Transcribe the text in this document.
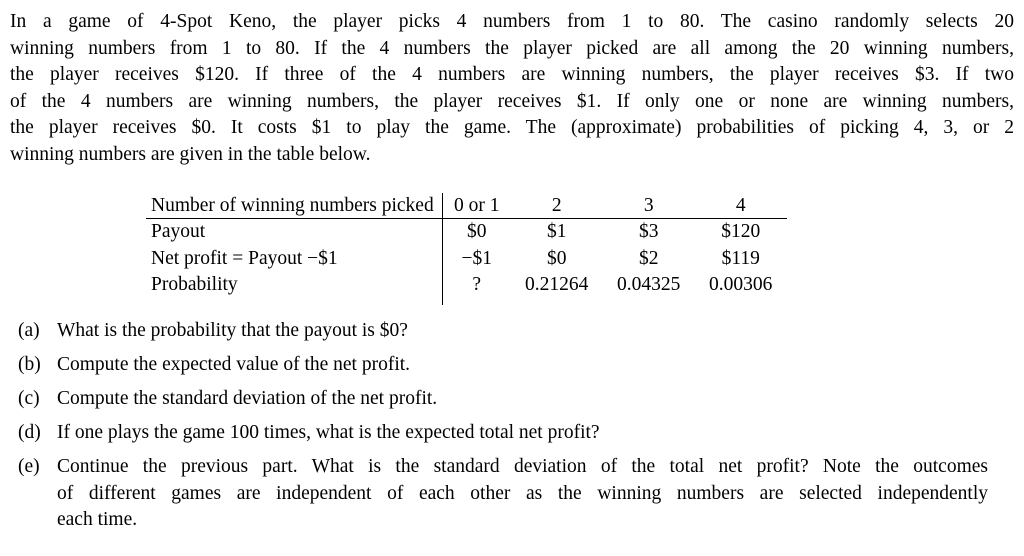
In a game of 4-Spot Keno, the player picks 4 numbers from 1 to 80. The casino randomly selects 20
winning numbers from 1 to 80. If the 4 numbers the player picked are all among the 20 winning numbers,
the player receives $120. If three of the 4 numbers are winning numbers, the player receives $3. If two
of the 4 numbers are winning numbers, the player receives $1. If only one or none are winning numbers,
the player receives $0. It costs $1 to play the game. The (approximate) probabilities of picking 4, 3, or 2
winning numbers are given in the table below.

Number of winning numbers picked	0 or 1	2	3	4
Payout	$0	$1	$3	$120
Net profit = Payout −$1	−$1	$0	$2	$119
Probability	?	0.21264	0.04325	0.00306
(a) What is the probability that the payout is $0?
(b) Compute the expected value of the net profit.
(c) Compute the standard deviation of the net profit.
(d) If one plays the game 100 times, what is the expected total net profit?
(e) Continue the previous part. What is the standard deviation of the total net profit? Note the outcomes
of different games are independent of each other as the winning numbers are selected independently
each time.
